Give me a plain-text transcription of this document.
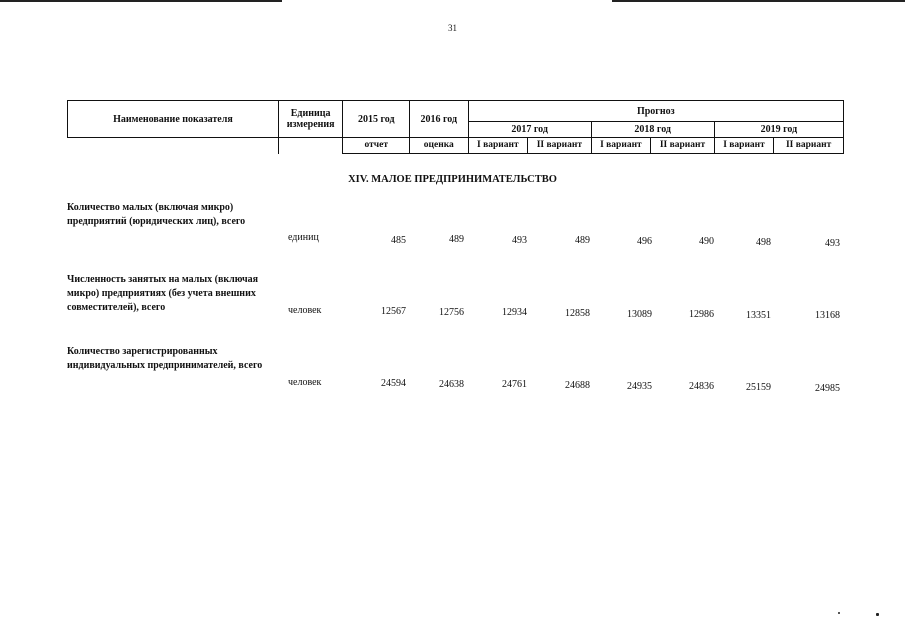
31
Наименование показателя	Единица измерения	2015 год	2016 год	Прогноз					
				2017 год		2018 год		2019 год	
		отчет	оценка	I вариант	II вариант	I вариант	II вариант	I вариант	II вариант
XIV. МАЛОЕ ПРЕДПРИНИМАТЕЛЬСТВО
Количество малых (включая микро) предприятий (юридических лиц), всего
единиц	485	489	493	489	496	490	498	493
Численность занятых на малых (включая микро) предприятиях (без учета внешних совместителей), всего	человек	12567	12756	12934	12858	13089	12986	13351	13168
Количество зарегистрированных индивидуальных предпринимателей, всего
человек	24594	24638	24761	24688	24935	24836	25159	24985
